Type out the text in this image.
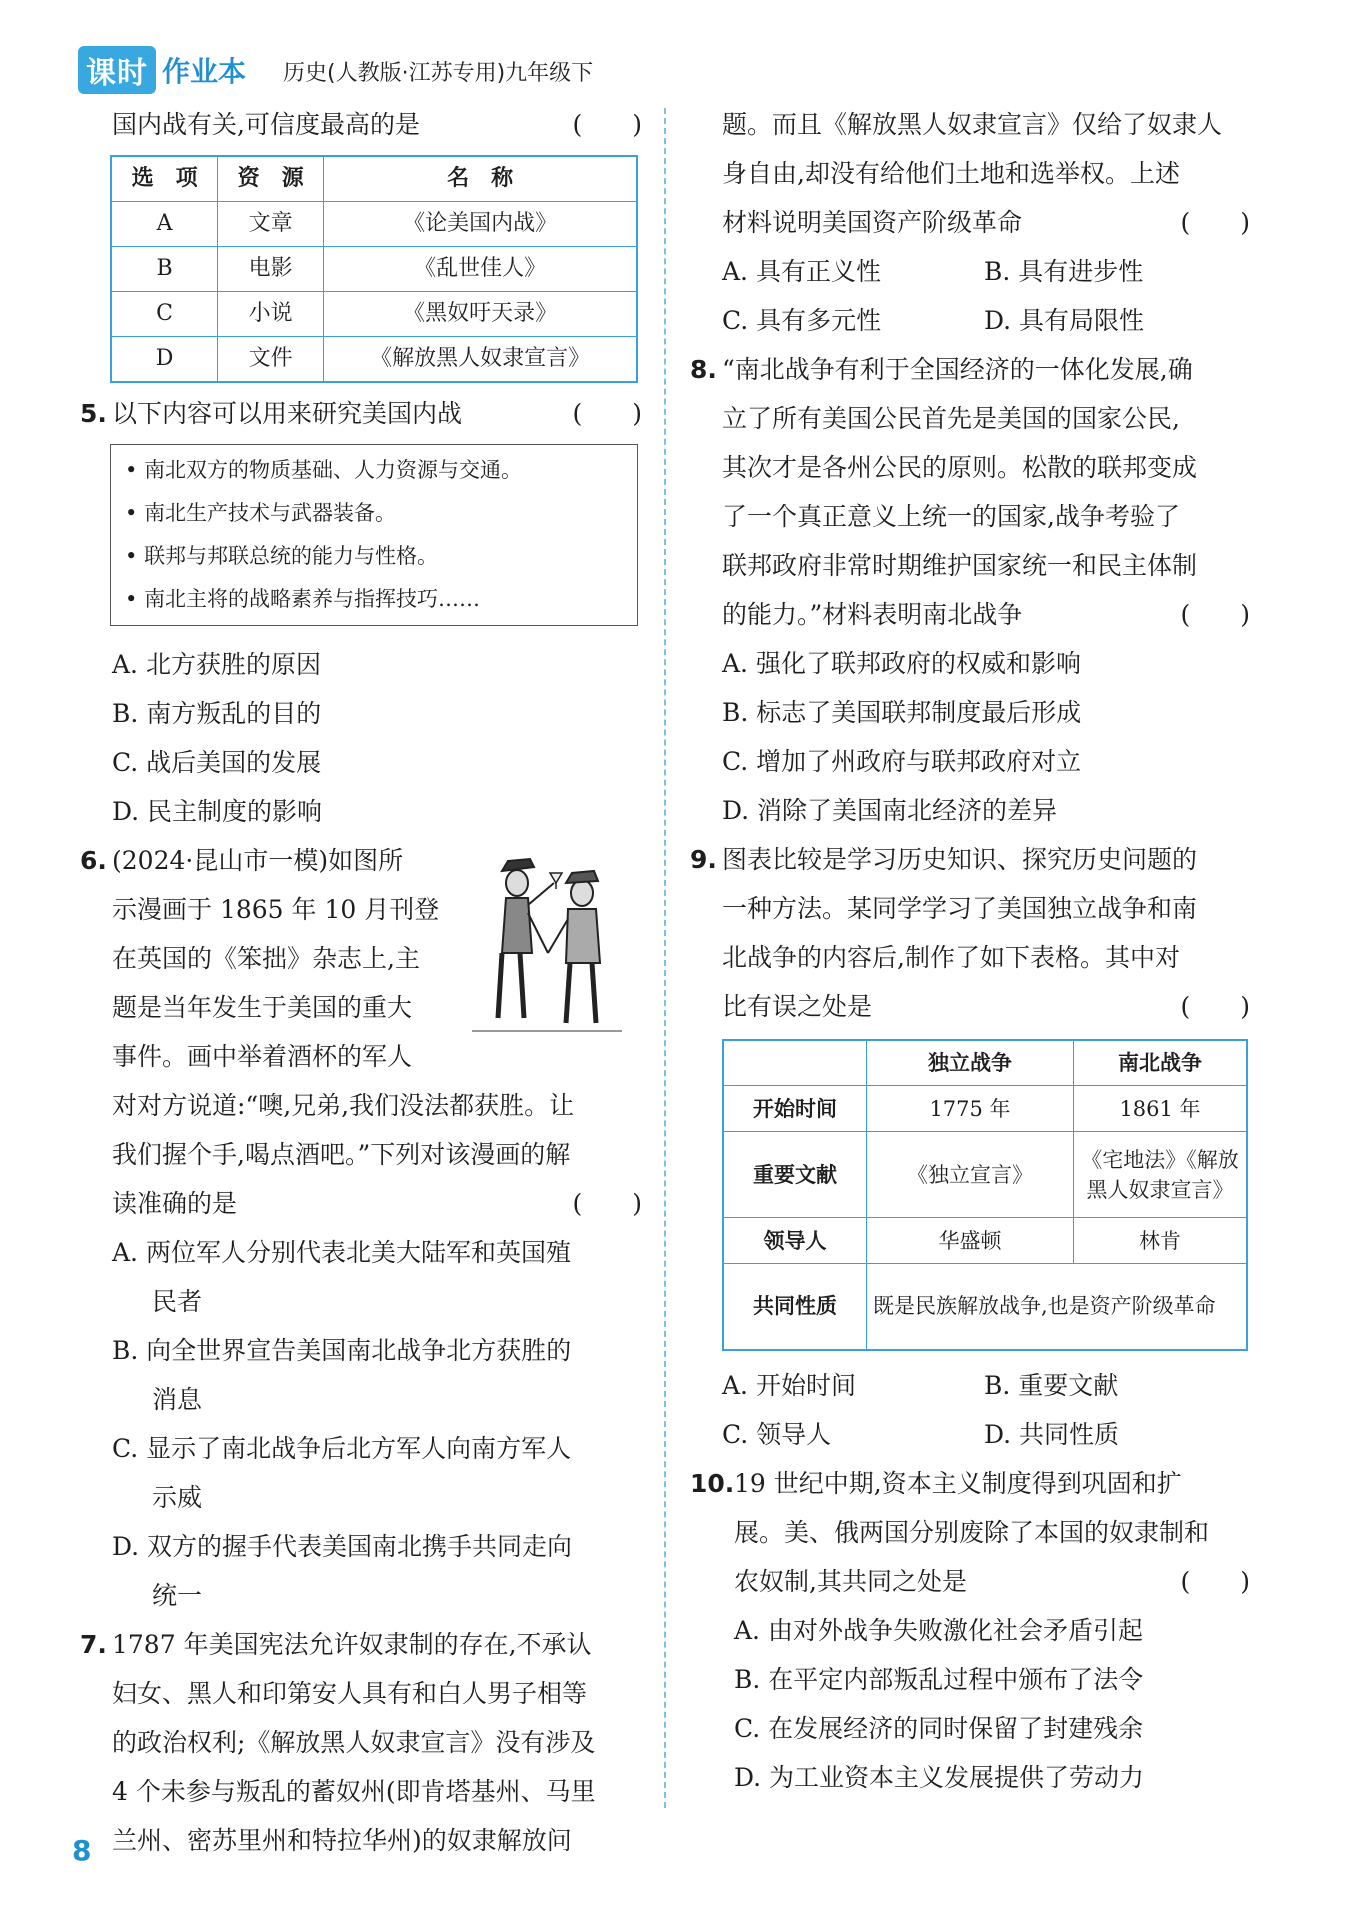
课时 作业本 历史(人教版·江苏专用)九年级下
国内战有关,可信度最高的是	(　　)
选　项	资　源	名　称
A	文章	《论美国内战》
B	电影	《乱世佳人》
C	小说	《黑奴吁天录》
D	文件	《解放黑人奴隶宣言》
5. 以下内容可以用来研究美国内战	(　　)
• 南北双方的物质基础、人力资源与交通。
• 南北生产技术与武器装备。
• 联邦与邦联总统的能力与性格。
• 南北主将的战略素养与指挥技巧……
A. 北方获胜的原因
B. 南方叛乱的目的
C. 战后美国的发展
D. 民主制度的影响
6. (2024·昆山市一模)如图所
示漫画于 1865 年 10 月刊登
在英国的《笨拙》杂志上,主
题是当年发生于美国的重大
事件。画中举着酒杯的军人
对对方说道:“噢,兄弟,我们没法都获胜。让
我们握个手,喝点酒吧。”下列对该漫画的解
读准确的是	(　　)
A. 两位军人分别代表北美大陆军和英国殖
民者
B. 向全世界宣告美国南北战争北方获胜的
消息
C. 显示了南北战争后北方军人向南方军人
示威
D. 双方的握手代表美国南北携手共同走向
统一
7. 1787 年美国宪法允许奴隶制的存在,不承认
妇女、黑人和印第安人具有和白人男子相等
的政治权利;《解放黑人奴隶宣言》没有涉及
4 个未参与叛乱的蓄奴州(即肯塔基州、马里
兰州、密苏里州和特拉华州)的奴隶解放问
题。而且《解放黑人奴隶宣言》仅给了奴隶人
身自由,却没有给他们土地和选举权。上述
材料说明美国资产阶级革命	(　　)
A. 具有正义性	B. 具有进步性
C. 具有多元性	D. 具有局限性
8. “南北战争有利于全国经济的一体化发展,确
立了所有美国公民首先是美国的国家公民,
其次才是各州公民的原则。松散的联邦变成
了一个真正意义上统一的国家,战争考验了
联邦政府非常时期维护国家统一和民主体制
的能力。”材料表明南北战争	(　　)
A. 强化了联邦政府的权威和影响
B. 标志了美国联邦制度最后形成
C. 增加了州政府与联邦政府对立
D. 消除了美国南北经济的差异
9. 图表比较是学习历史知识、探究历史问题的
一种方法。某同学学习了美国独立战争和南
北战争的内容后,制作了如下表格。其中对
比有误之处是	(　　)
	独立战争	南北战争
开始时间	1775 年	1861 年
重要文献	《独立宣言》	《宅地法》《解放黑人奴隶宣言》
领导人	华盛顿	林肯
共同性质	既是民族解放战争,也是资产阶级革命	
A. 开始时间	B. 重要文献
C. 领导人	D. 共同性质
10.19 世纪中期,资本主义制度得到巩固和扩
展。美、俄两国分别废除了本国的奴隶制和
农奴制,其共同之处是	(　　)
A. 由对外战争失败激化社会矛盾引起
B. 在平定内部叛乱过程中颁布了法令
C. 在发展经济的同时保留了封建残余
D. 为工业资本主义发展提供了劳动力
8
